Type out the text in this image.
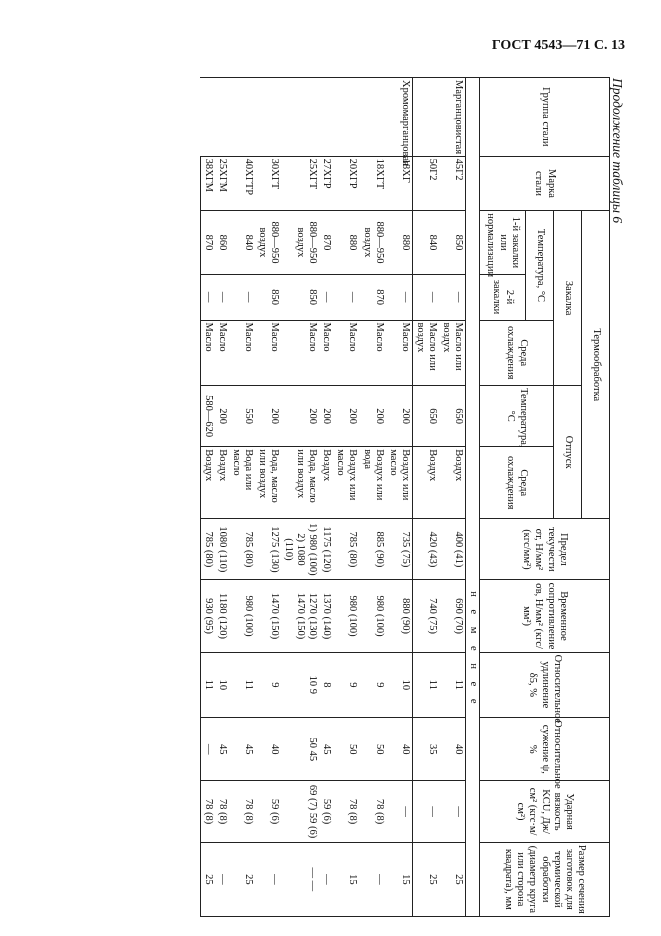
ГОСТ 4543—71 С. 13
Продолжение таблицы 6
Группа стали	Марка стали	Термообработка					Предел текучести σт, Н/мм² (кгс/мм²)	Временное сопротивление σв, Н/мм² (кгс/мм²)	Относительное удлинение δ5, %	Относительное сужение ψ, %	Ударная вязкость KCU, Дж/см² (кгс·м/см²)	Размер сечения заготовок для термической обработки (диаметр круга или сторона квадрата), мм
		Закалка			Отпуск							
		Температура, °С		Среда охлаждения	Температура, °С	Среда охлаждения						
		1-й закалки или нормализации	2-й закалки									
							н е м е н е е					
Марганцовистая	45Г2	850	—	Масло или воздух	650	Воздух	400 (41)	690 (70)	11	40	—	25
	50Г2	840	—	Масло или воздух	650	Воздух	420 (43)	740 (75)	11	35	—	25
Хромомарганцовая	18ХГ	880	—	Масло	200	Воздух или масло	735 (75)	880 (90)	10	40	—	15
	18ХГТ	880—950 воздух	870	Масло	200	Воздух или вода	885 (90)	980 (100)	9	50	78 (8)	—
	20ХГР	880	—	Масло	200	Воздух или масло	785 (80)	980 (100)	9	50	78 (8)	15
	27ХГР	870	—	Масло	200	Воздух	1175 (120)	1370 (140)	8	45	59 (6)	—
	25ХГТ	880—950 воздух	850	Масло	200	Вода, масло или воздух	1) 980 (100) 2) 1080 (110)	1270 (130) 1470 (150)	10 9	50 45	69 (7) 59 (6)	— —
	30ХГТ	880—950 воздух	850	Масло	200	Вода, масло или воздух	1275 (130)	1470 (150)	9	40	59 (6)	—
	40ХГТР	840	—	Масло	550	Вода или масло	785 (80)	980 (100)	11	45	78 (8)	25
	25ХГМ	860	—	Масло	200	Воздух	1080 (110)	1180 (120)	10	45	78 (8)	—
	38ХГМ	870	—	Масло	580—620	Воздух	785 (80)	930 (95)	11	—	78 (8)	25
